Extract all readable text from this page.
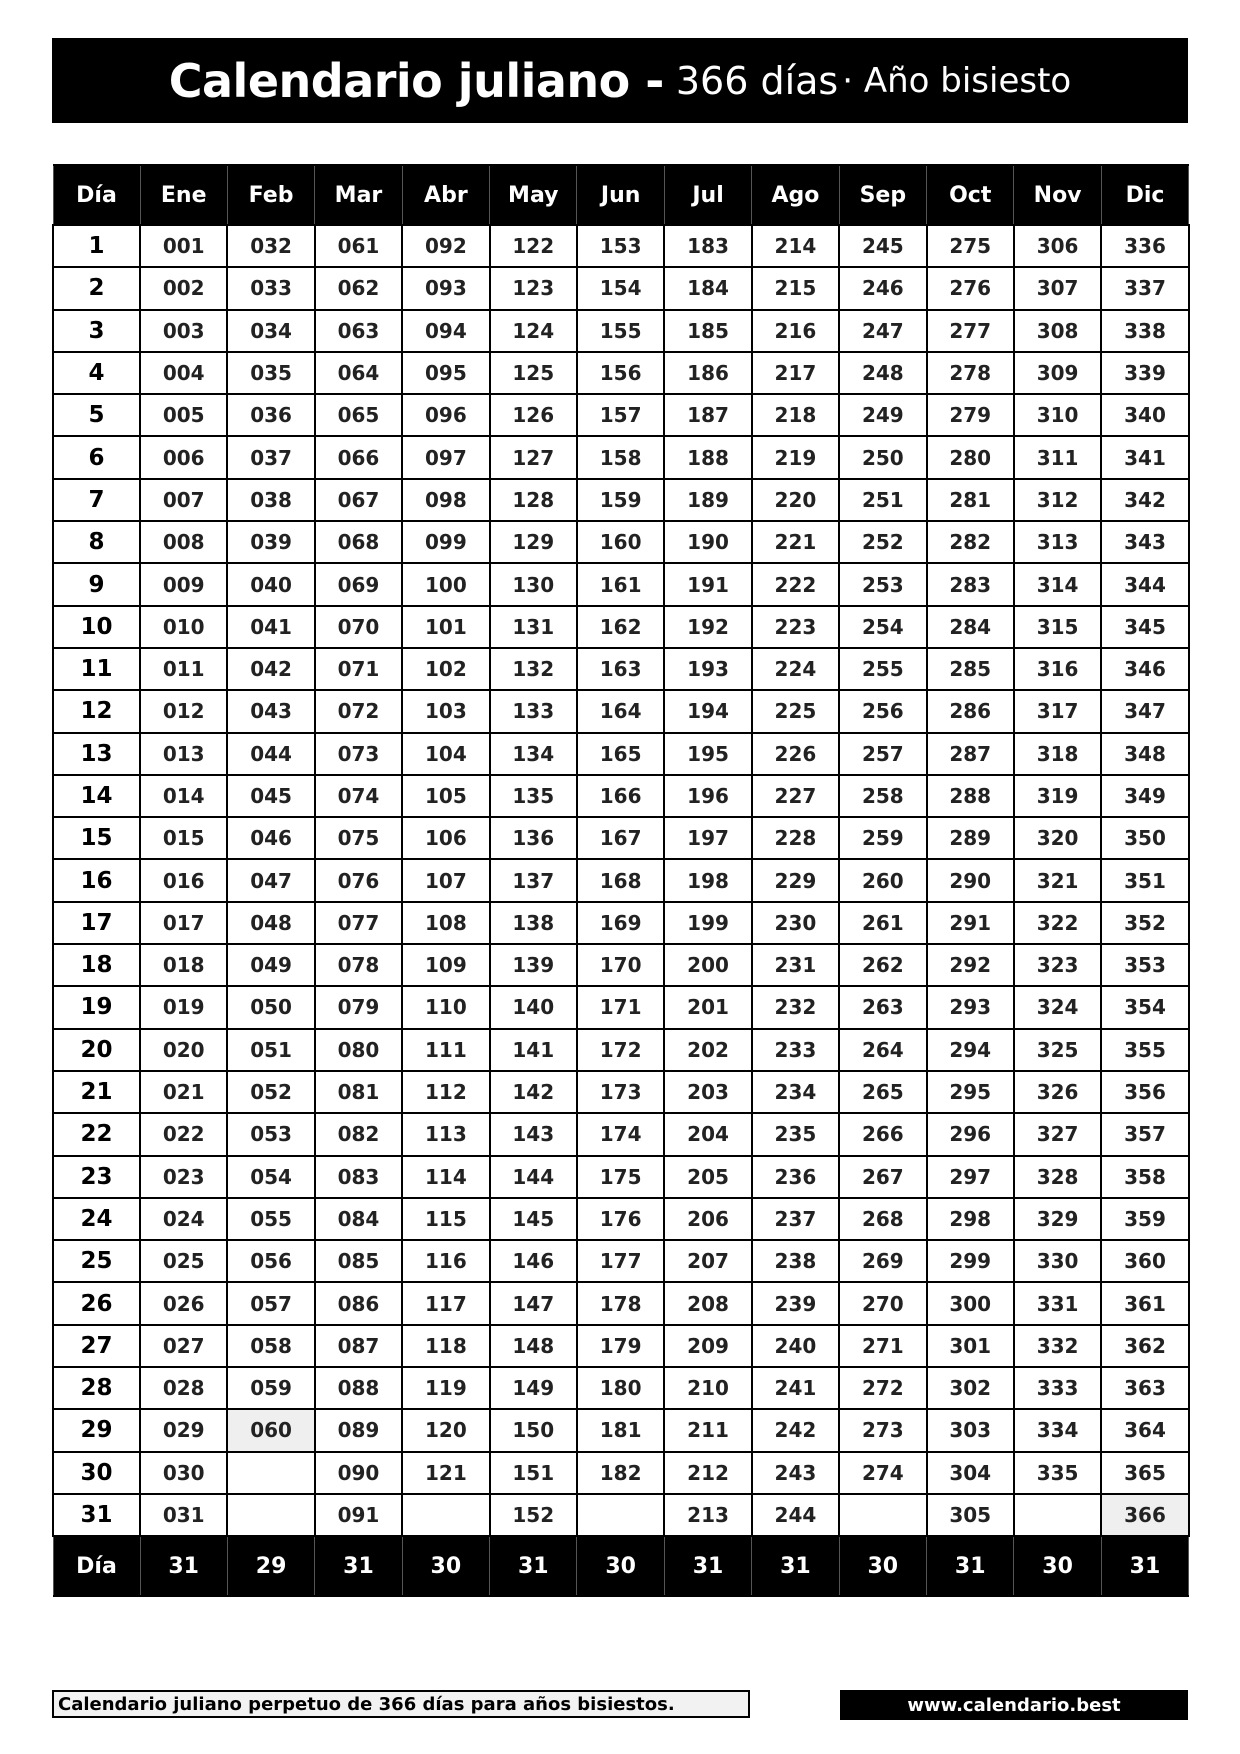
Calendario juliano - 366 días · Año bisiesto
Día	Ene	Feb	Mar	Abr	May	Jun	Jul	Ago	Sep	Oct	Nov	Dic
1	001	032	061	092	122	153	183	214	245	275	306	336
2	002	033	062	093	123	154	184	215	246	276	307	337
3	003	034	063	094	124	155	185	216	247	277	308	338
4	004	035	064	095	125	156	186	217	248	278	309	339
5	005	036	065	096	126	157	187	218	249	279	310	340
6	006	037	066	097	127	158	188	219	250	280	311	341
7	007	038	067	098	128	159	189	220	251	281	312	342
8	008	039	068	099	129	160	190	221	252	282	313	343
9	009	040	069	100	130	161	191	222	253	283	314	344
10	010	041	070	101	131	162	192	223	254	284	315	345
11	011	042	071	102	132	163	193	224	255	285	316	346
12	012	043	072	103	133	164	194	225	256	286	317	347
13	013	044	073	104	134	165	195	226	257	287	318	348
14	014	045	074	105	135	166	196	227	258	288	319	349
15	015	046	075	106	136	167	197	228	259	289	320	350
16	016	047	076	107	137	168	198	229	260	290	321	351
17	017	048	077	108	138	169	199	230	261	291	322	352
18	018	049	078	109	139	170	200	231	262	292	323	353
19	019	050	079	110	140	171	201	232	263	293	324	354
20	020	051	080	111	141	172	202	233	264	294	325	355
21	021	052	081	112	142	173	203	234	265	295	326	356
22	022	053	082	113	143	174	204	235	266	296	327	357
23	023	054	083	114	144	175	205	236	267	297	328	358
24	024	055	084	115	145	176	206	237	268	298	329	359
25	025	056	085	116	146	177	207	238	269	299	330	360
26	026	057	086	117	147	178	208	239	270	300	331	361
27	027	058	087	118	148	179	209	240	271	301	332	362
28	028	059	088	119	149	180	210	241	272	302	333	363
29	029	060	089	120	150	181	211	242	273	303	334	364
30	030		090	121	151	182	212	243	274	304	335	365
31	031		091		152		213	244		305		366
Día	31	29	31	30	31	30	31	31	30	31	30	31
Calendario juliano perpetuo de 366 días para años bisiestos.	www.calendario.best
